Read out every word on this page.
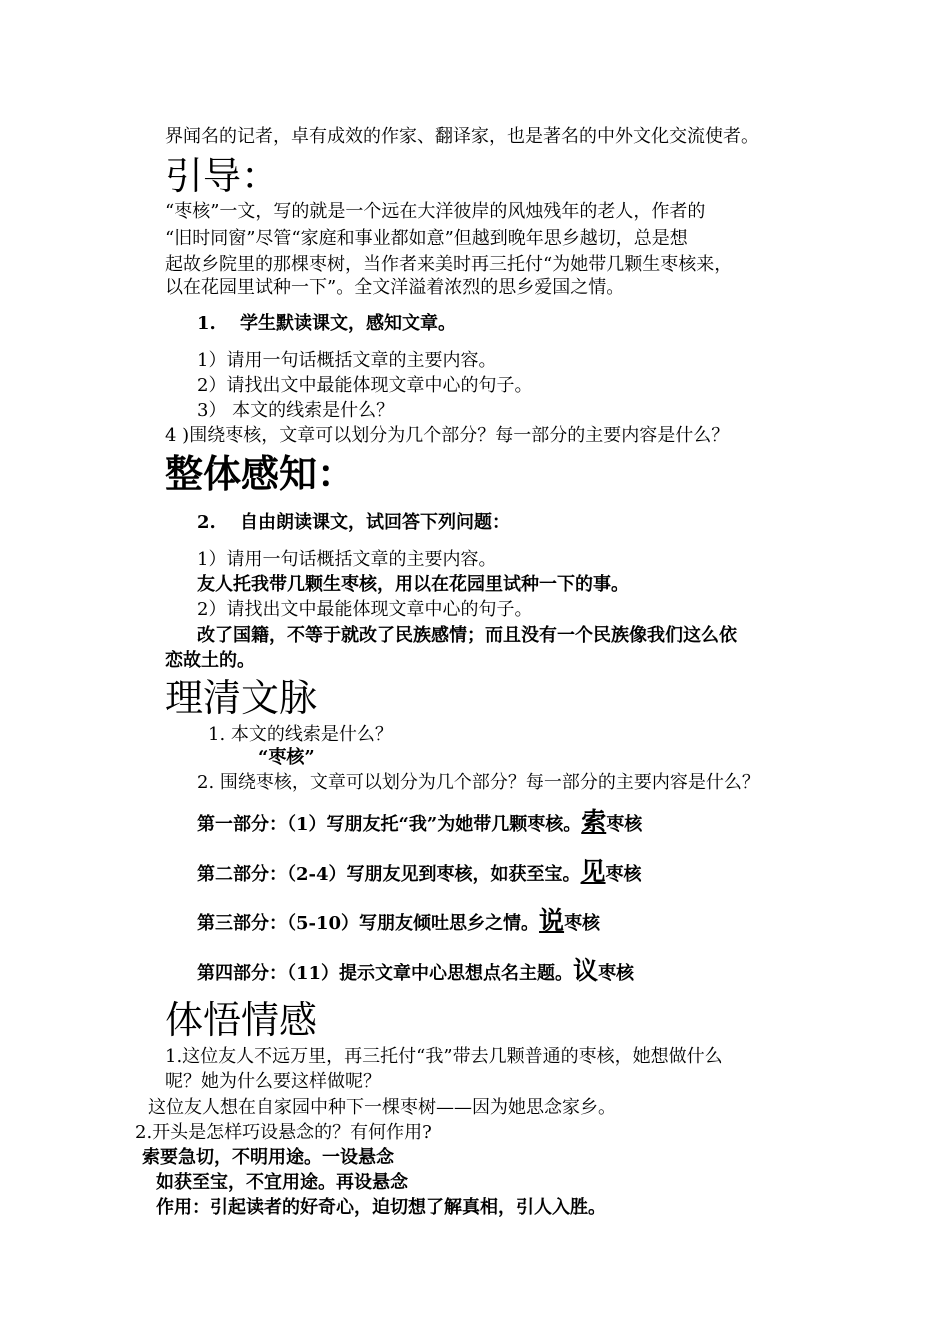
界闻名的记者，卓有成效的作家、翻译家，也是著名的中外文化交流使者。
引导：
“枣核”一文，写的就是一个远在大洋彼岸的风烛残年的老人，作者的
“旧时同窗”尽管“家庭和事业都如意”但越到晚年思乡越切，总是想
起故乡院里的那棵枣树，当作者来美时再三托付“为她带几颗生枣核来，
以在花园里试种一下”。全文洋溢着浓烈的思乡爱国之情。
1.　 学生默读课文，感知文章。
1）请用一句话概括文章的主要内容。
2）请找出文中最能体现文章中心的句子。
3） 本文的线索是什么？
4 )围绕枣核，文章可以划分为几个部分？每一部分的主要内容是什么？
整体感知：
2.　 自由朗读课文，试回答下列问题：
1）请用一句话概括文章的主要内容。
友人托我带几颗生枣核，用以在花园里试种一下的事。
2）请找出文中最能体现文章中心的句子。
改了国籍，不等于就改了民族感情；而且没有一个民族像我们这么依
恋故土的。
理清文脉
1. 本文的线索是什么？
“枣核”
2. 围绕枣核，文章可以划分为几个部分？每一部分的主要内容是什么？
第一部分：（1）写朋友托“我”为她带几颗枣核。索枣核
第二部分：（2-4）写朋友见到枣核，如获至宝。见枣核
第三部分：（5-10）写朋友倾吐思乡之情。说枣核
第四部分：（11）提示文章中心思想点名主题。议枣核
体悟情感
1.这位友人不远万里，再三托付“我”带去几颗普通的枣核，她想做什么
呢？她为什么要这样做呢？
这位友人想在自家园中种下一棵枣树——因为她思念家乡。
2.开头是怎样巧设悬念的？有何作用?
索要急切，不明用途。一设悬念
如获至宝，不宜用途。再设悬念
作用：引起读者的好奇心，迫切想了解真相，引人入胜。
